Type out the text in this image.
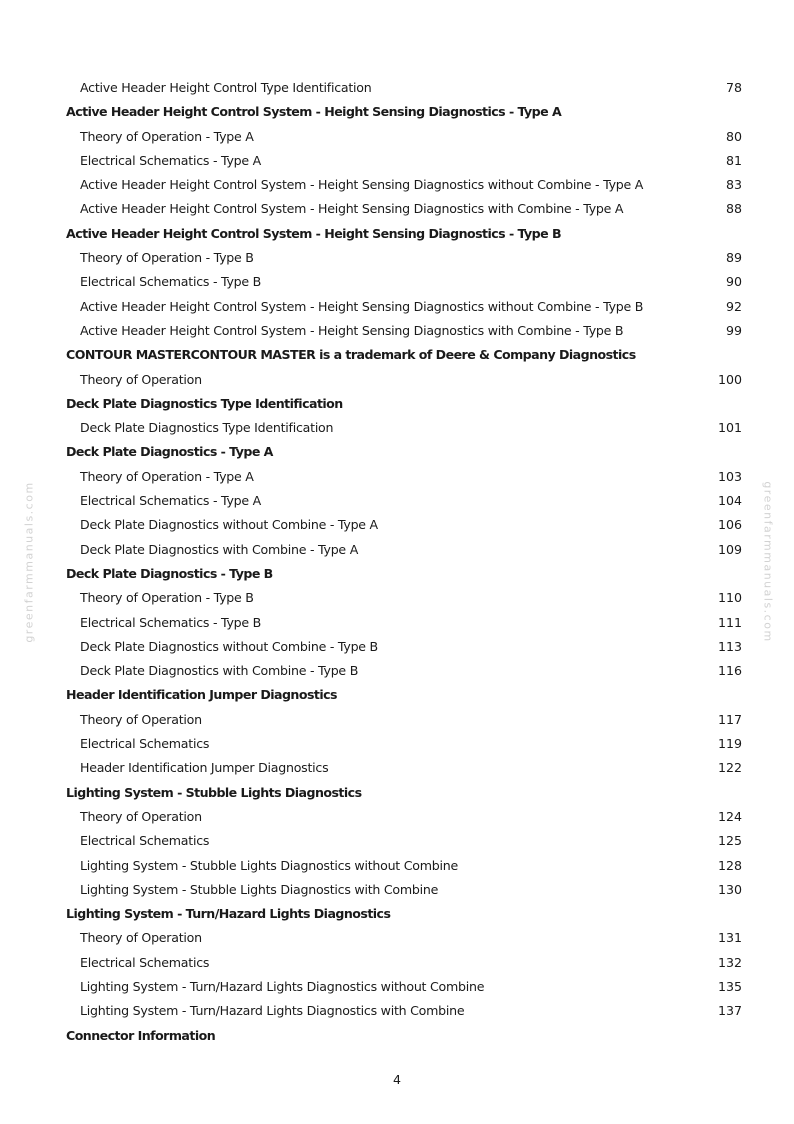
Active Header Height Control Type Identification	78
Active Header Height Control System - Height Sensing Diagnostics - Type A
Theory of Operation - Type A	80
Electrical Schematics - Type A	81
Active Header Height Control System - Height Sensing Diagnostics without Combine - Type A	83
Active Header Height Control System - Height Sensing Diagnostics with Combine - Type A	88
Active Header Height Control System - Height Sensing Diagnostics - Type B
Theory of Operation - Type B	89
Electrical Schematics - Type B	90
Active Header Height Control System - Height Sensing Diagnostics without Combine - Type B	92
Active Header Height Control System - Height Sensing Diagnostics with Combine - Type B	99
CONTOUR MASTERCONTOUR MASTER is a trademark of Deere & Company Diagnostics
Theory of Operation	100
Deck Plate Diagnostics Type Identification
Deck Plate Diagnostics Type Identification	101
Deck Plate Diagnostics - Type A
Theory of Operation - Type A	103
Electrical Schematics - Type A	104
Deck Plate Diagnostics without Combine - Type A	106
Deck Plate Diagnostics with Combine - Type A	109
Deck Plate Diagnostics - Type B
Theory of Operation - Type B	110
Electrical Schematics - Type B	111
Deck Plate Diagnostics without Combine - Type B	113
Deck Plate Diagnostics with Combine - Type B	116
Header Identification Jumper Diagnostics
Theory of Operation	117
Electrical Schematics	119
Header Identification Jumper Diagnostics	122
Lighting System - Stubble Lights Diagnostics
Theory of Operation	124
Electrical Schematics	125
Lighting System - Stubble Lights Diagnostics without Combine	128
Lighting System - Stubble Lights Diagnostics with Combine	130
Lighting System - Turn/Hazard Lights Diagnostics
Theory of Operation	131
Electrical Schematics	132
Lighting System - Turn/Hazard Lights Diagnostics without Combine	135
Lighting System - Turn/Hazard Lights Diagnostics with Combine	137
Connector Information
4
greenfarmmanuals.com	greenfarmmanuals.com
